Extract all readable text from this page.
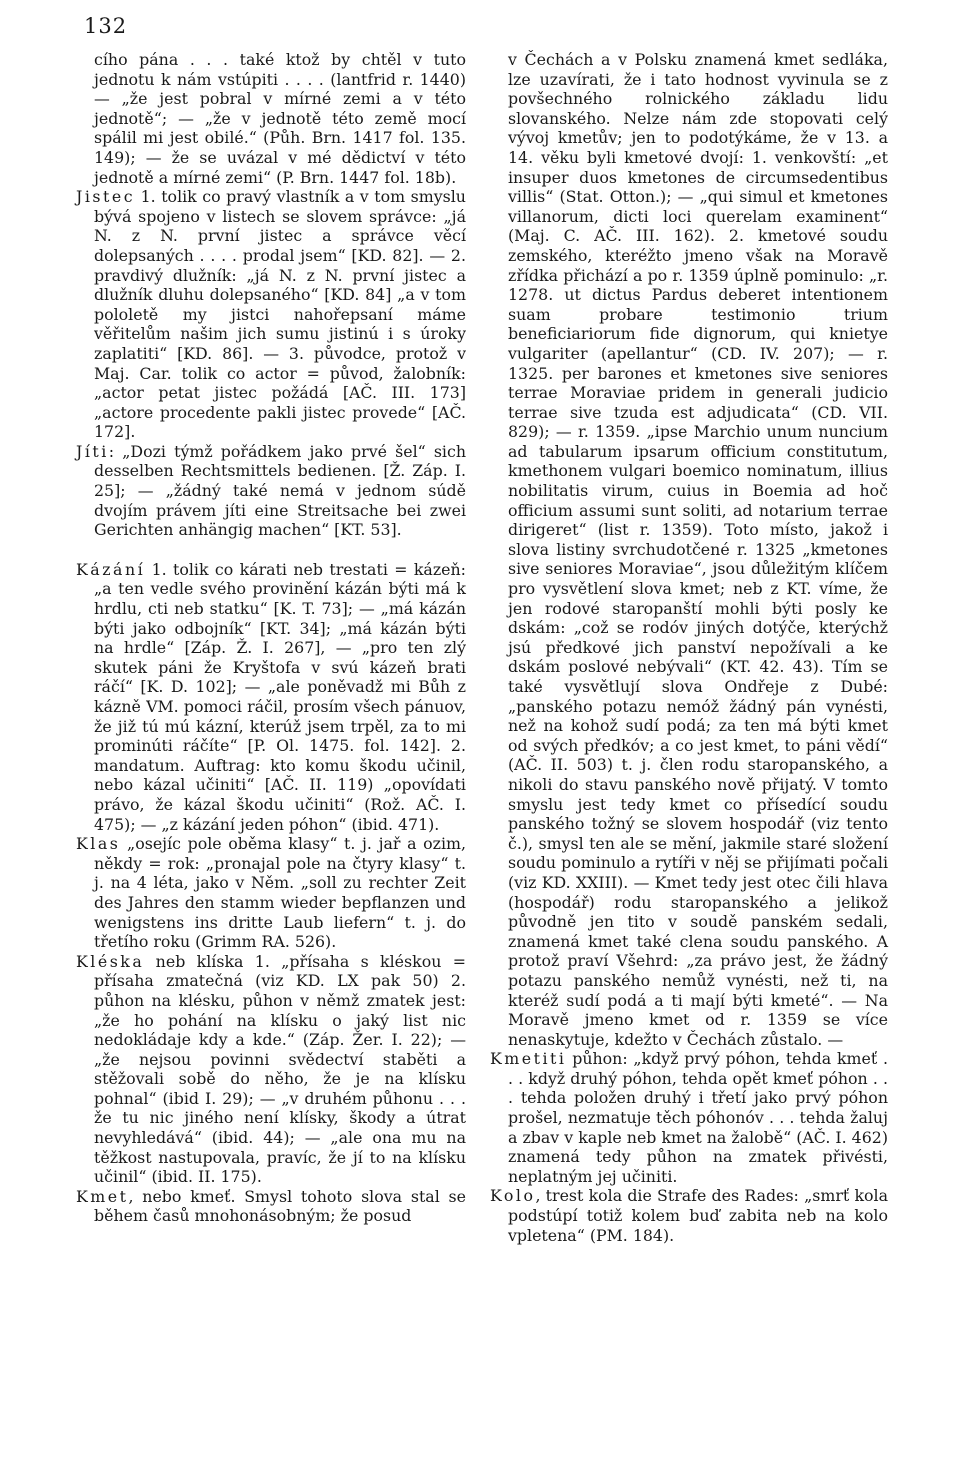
132

cího pána . . . také ktož by chtěl v tuto jednotu k nám vstúpiti . . . . (lantfrid r. 1440) — „že jest pobral v mírné zemi a v této jednotě“; — „že v jednotě této země mocí spálil mi jest obilé.“ (Půh. Brn. 1417 fol. 135. 149); — že se uvázal v mé dědictví v této jednotě a mírné zemi“ (P. Brn. 1447 fol. 18b).

Jistec 1. tolik co pravý vlastník a v tom smyslu bývá spojeno v listech se slovem správce: „já N. z N. první jistec a správce věcí dolepsaných . . . . prodal jsem“ [KD. 82]. — 2. pravdivý dlužník: „já N. z N. první jistec a dlužník dluhu dolepsaného“ [KD. 84] „a v tom pololetě my jistci nahořepsaní máme věřitelům našim jich sumu jistinú i s úroky zaplatiti“ [KD. 86]. — 3. původce, protož v Maj. Car. tolik co actor = původ, žalobník: „actor petat jistec požádá [AČ. III. 173] „actore procedente pakli jistec provede“ [AČ. 172].

Jíti: „Dozi týmž pořádkem jako prvé šel“ sich desselben Rechtsmittels bedienen. [Ž. Záp. I. 25]; — „žádný také nemá v jednom súdě dvojím právem jíti eine Streitsache bei zwei Gerichten anhängig machen“ [KT. 53].

Kázání 1. tolik co kárati neb trestati = kázeň: „a ten vedle svého provinění kázán býti má k hrdlu, cti neb statku“ [K. T. 73]; — „má kázán býti jako odbojník“ [KT. 34]; „má kázán býti na hrdle“ [Záp. Ž. I. 267], — „pro ten zlý skutek páni že Kryštofa v svú kázeň brati ráčí“ [K. D. 102]; — „ale poněvadž mi Bůh z kázně VM. pomoci ráčil, prosím všech pánuov, že již tú mú kázní, kterúž jsem trpěl, za to mi prominúti ráčíte“ [P. Ol. 1475. fol. 142]. 2. mandatum. Auftrag: kto komu škodu učinil, nebo kázal učiniti“ [AČ. II. 119) „opovídati právo, že kázal škodu učiniti“ (Rož. AČ. I. 475); — „z kázání jeden póhon“ (ibid. 471).

Klas „osejíc pole oběma klasy“ t. j. jař a ozim, někdy = rok: „pronajal pole na čtyry klasy“ t. j. na 4 léta, jako v Něm. „soll zu rechter Zeit des Jahres den stamm wieder bepflanzen und wenigstens ins dritte Laub liefern“ t. j. do třetího roku (Grimm RA. 526).

Kléska neb klíska 1. „přísaha s kléskou = přísaha zmatečná (viz KD. LX pak 50) 2. půhon na klésku, půhon v němž zmatek jest: „že ho pohání na klísku o jaký list nic nedokládaje kdy a kde.“ (Záp. Žer. I. 22); — „že nejsou povinni svědectví staběti a stěžovali sobě do něho, že je na klísku pohnal“ (ibid I. 29); — „v druhém půhonu . . . že tu nic jiného není klísky, škody a útrat nevyhledává“ (ibid. 44); — „ale ona mu na těžkost nastupovala, pravíc, že jí to na klísku učinil“ (ibid. II. 175).

Kmet, nebo kmeť. Smysl tohoto slova stal se během časů mnohonásobným; že posud

v Čechách a v Polsku znamená kmet sedláka, lze uzavírati, že i tato hodnost vyvinula se z povšechného rolnického základu lidu slovanského. Nelze nám zde stopovati celý vývoj kmetův; jen to podotýkáme, že v 13. a 14. věku byli kmetové dvojí: 1. venkovští: „et insuper duos kmetones de circumsedentibus villis“ (Stat. Otton.); — „qui simul et kmetones villanorum, dicti loci querelam examinent“ (Maj. C. AČ. III. 162). 2. kmetové soudu zemského, kteréžto jmeno však na Moravě zřídka přichází a po r. 1359 úplně pominulo: „r. 1278. ut dictus Pardus deberet intentionem suam probare testimonio trium beneficiariorum fide dignorum, qui knietye vulgariter (apellantur“ (CD. IV. 207); — r. 1325. per barones et kmetones sive seniores terrae Moraviae pridem in generali judicio terrae sive tzuda est adjudicata“ (CD. VII. 829); — r. 1359. „ipse Marchio unum nuncium ad tabularum ipsarum officium constitutum, kmethonem vulgari boemico nominatum, illius nobilitatis virum, cuius in Boemia ad hoč officium assumi sunt soliti, ad notarium terrae dirigeret“ (list r. 1359). Toto místo, jakož i slova listiny svrchudotčené r. 1325 „kmetones sive seniores Moraviae“, jsou důležitým klíčem pro vysvětlení slova kmet; neb z KT. víme, že jen rodové staropanští mohli býti posly ke dskám: „což se rodóv jiných dotýče, kterýchž jsú předkové jich panství nepožívali a ke dskám poslové nebývali“ (KT. 42. 43). Tím se také vysvětlují slova Ondřeje z Dubé: „panského potazu nemóž žádný pán vynésti, než na kohož sudí podá; za ten má býti kmet od svých předkóv; a co jest kmet, to páni vědí“ (AČ. II. 503) t. j. člen rodu staropanského, a nikoli do stavu panského nově přijatý. V tomto smyslu jest tedy kmet co přísedící soudu panského tožný se slovem hospodář (viz tento č.), smysl ten ale se mění, jakmile staré složení soudu pominulo a rytíři v něj se přijímati počali (viz KD. XXIII). — Kmet tedy jest otec čili hlava (hospodář) rodu staropanského a jelikož původně jen tito v soudě panském sedali, znamená kmet také clena soudu panského. A protož praví Všehrd: „za právo jest, že žádný potazu panského nemůž vynésti, než ti, na kteréž sudí podá a ti mají býti kmeté“. — Na Moravě jmeno kmet od r. 1359 se více nenaskytuje, kdežto v Čechách zůstalo. —

Kmetiti půhon: „když prvý póhon, tehda kmeť . . . když druhý póhon, tehda opět kmeť póhon . . . tehda položen druhý i třetí jako prvý póhon prošel, nezmatuje těch póhonóv . . . tehda žaluj a zbav v kaple neb kmet na žalobě“ (AČ. I. 462) znamená tedy půhon na zmatek přivésti, neplatným jej učiniti.

Kolo, trest kola die Strafe des Rades: „smrť kola podstúpí totiž kolem buď zabita neb na kolo vpletena“ (PM. 184).
